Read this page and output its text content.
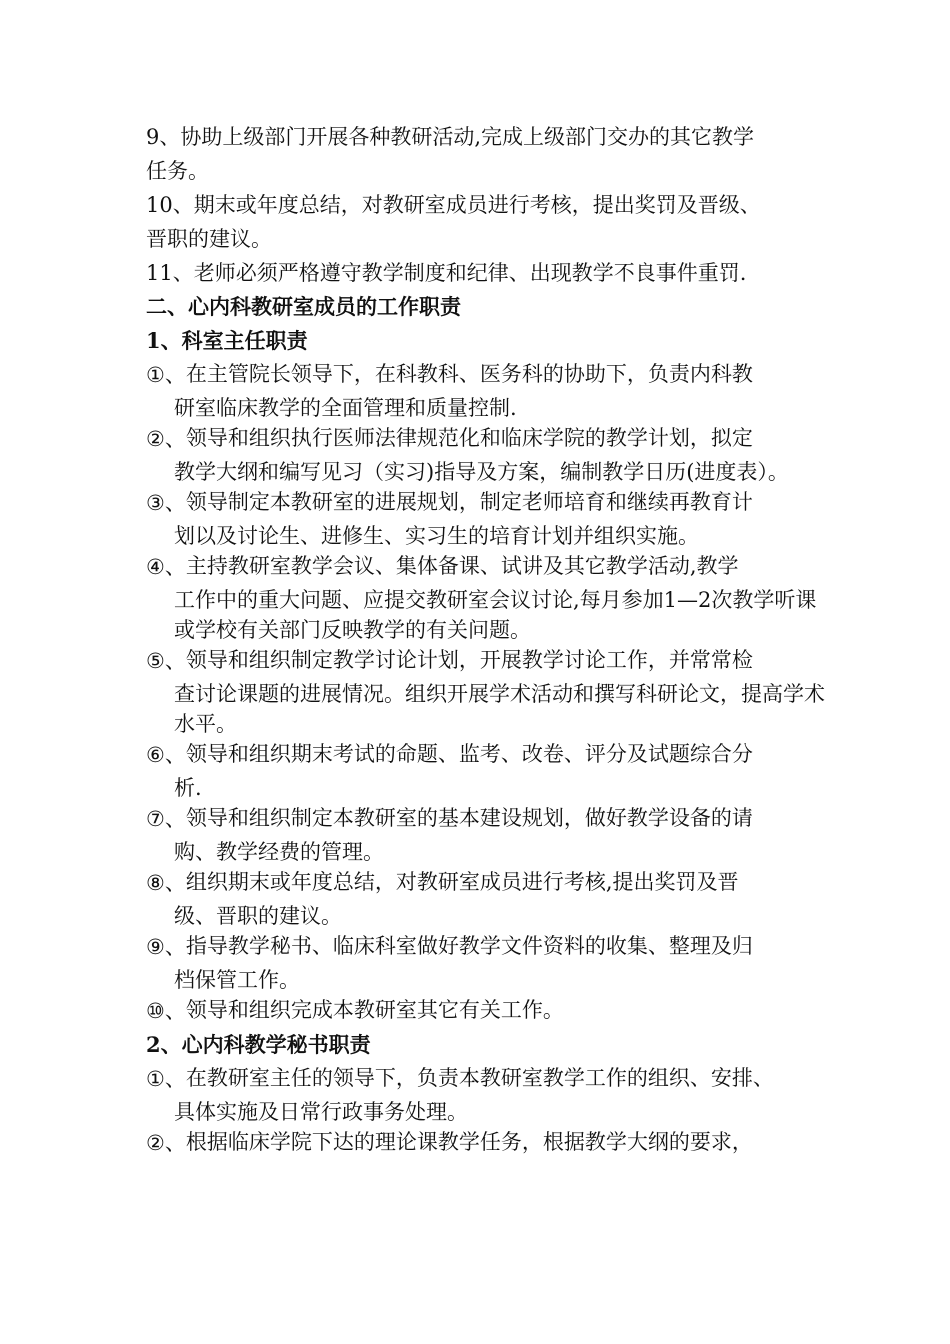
9、协助上级部门开展各种教研活动,完成上级部门交办的其它教学
任务。
10、期末或年度总结，对教研室成员进行考核，提出奖罚及晋级、
晋职的建议。
11、老师必须严格遵守教学制度和纪律、出现教学不良事件重罚.
二、心内科教研室成员的工作职责
1、科室主任职责
①、 在主管院长领导下，在科教科、医务科的协助下，负责内科教
研室临床教学的全面管理和质量控制.
②、 领导和组织执行医师法律规范化和临床学院的教学计划，拟定
教学大纲和编写见习（实习)指导及方案，编制教学日历(进度表）。
③、 领导制定本教研室的进展规划，制定老师培育和继续再教育计
划以及讨论生、进修生、实习生的培育计划并组织实施。
④、 主持教研室教学会议、集体备课、试讲及其它教学活动,教学
工作中的重大问题、应提交教研室会议讨论,每月参加1—2次教学听课或学校有关部门反映教学的有关问题。
⑤、 领导和组织制定教学讨论计划，开展教学讨论工作，并常常检
查讨论课题的进展情况。组织开展学术活动和撰写科研论文，提高学术水平。
⑥、 领导和组织期末考试的命题、监考、改卷、评分及试题综合分
析.
⑦、 领导和组织制定本教研室的基本建设规划，做好教学设备的请
购、教学经费的管理。
⑧、 组织期末或年度总结，对教研室成员进行考核,提出奖罚及晋
级、晋职的建议。
⑨、 指导教学秘书、临床科室做好教学文件资料的收集、整理及归
档保管工作。
⑩、 领导和组织完成本教研室其它有关工作。
2、心内科教学秘书职责
①、 在教研室主任的领导下，负责本教研室教学工作的组织、安排、
具体实施及日常行政事务处理。
②、 根据临床学院下达的理论课教学任务，根据教学大纲的要求，
